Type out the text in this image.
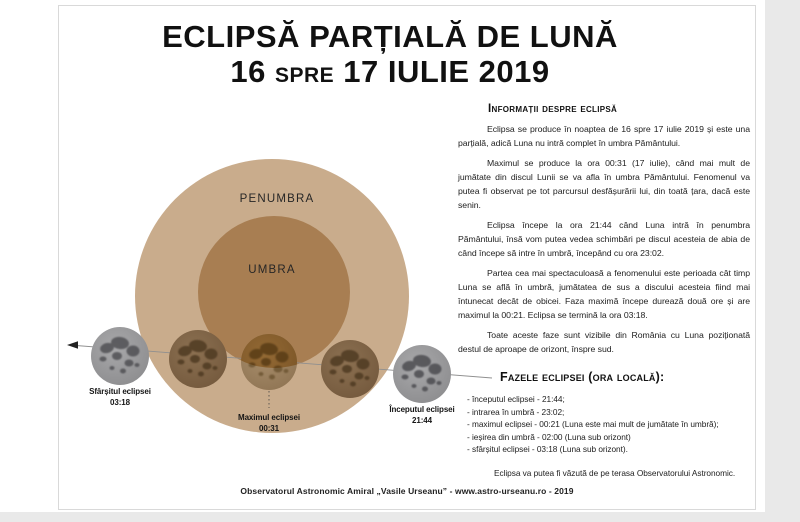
ECLIPSĂ PARȚIALĂ DE LUNĂ
16 SPRE 17 IULIE 2019
PENUMBRA
UMBRA
Sfârșitul eclipsei
03:18
Maximul eclipsei
00:31
Începutul eclipsei
21:44
Informații despre eclipsă

Eclipsa se produce în noaptea de 16 spre 17 iulie 2019 și este una parțială, adică Luna nu intră complet în umbra Pământului.

Maximul se produce la ora 00:31 (17 iulie), când mai mult de jumătate din discul Lunii se va afla în umbra Pământului. Fenomenul va putea fi observat pe tot parcursul desfășurării lui, din toată țara, dacă este senin.

Eclipsa începe la ora 21:44 când Luna intră în penumbra Pământului, însă vom putea vedea schimbări pe discul acesteia de abia de când începe să intre în umbră, începând cu ora 23:02.

Partea cea mai spectaculoasă a fenomenului este perioada cât timp Luna se află în umbră, jumătatea de sus a discului acesteia fiind mai întunecat decât de obicei. Faza maximă începe durează două ore și are maximul la 00:21. Eclipsa se termină la ora 03:18.

Toate aceste faze sunt vizibile din România cu Luna poziționată destul de aproape de orizont, înspre sud.

Fazele eclipsei (ora locală):
- începutul eclipsei - 21:44;
- intrarea în umbră - 23:02;
- maximul eclipsei - 00:21 (Luna este mai mult de jumătate în umbră);
- ieșirea din umbră - 02:00 (Luna sub orizont)
- sfârșitul eclipsei - 03:18 (Luna sub orizont).
Eclipsa va putea fi văzută de pe terasa Observatorului Astronomic.
Observatorul Astronomic Amiral „Vasile Urseanu” - www.astro-urseanu.ro - 2019
